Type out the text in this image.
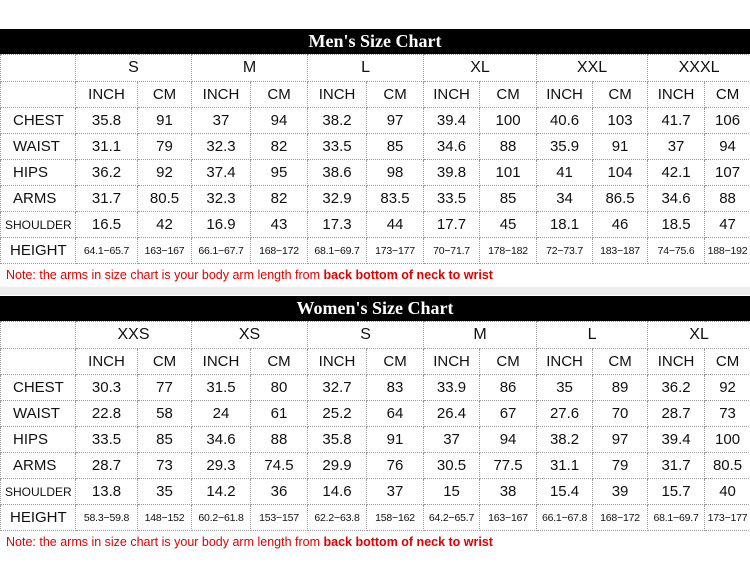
Men's Size Chart
	S		M		L		XL		XXL		XXXL	
	INCH	CM	INCH	CM	INCH	CM	INCH	CM	INCH	CM	INCH	CM
CHEST	35.8	91	37	94	38.2	97	39.4	100	40.6	103	41.7	106
WAIST	31.1	79	32.3	82	33.5	85	34.6	88	35.9	91	37	94
HIPS	36.2	92	37.4	95	38.6	98	39.8	101	41	104	42.1	107
ARMS	31.7	80.5	32.3	82	32.9	83.5	33.5	85	34	86.5	34.6	88
SHOULDER	16.5	42	16.9	43	17.3	44	17.7	45	18.1	46	18.5	47
HEIGHT	64.1−65.7	163−167	66.1−67.7	168−172	68.1−69.7	173−177	70−71.7	178−182	72−73.7	183−187	74−75.6	188−192
Note: the arms in size chart is your body arm length from back bottom of neck to wrist
Women's Size Chart
	XXS		XS		S		M		L		XL	
	INCH	CM	INCH	CM	INCH	CM	INCH	CM	INCH	CM	INCH	CM
CHEST	30.3	77	31.5	80	32.7	83	33.9	86	35	89	36.2	92
WAIST	22.8	58	24	61	25.2	64	26.4	67	27.6	70	28.7	73
HIPS	33.5	85	34.6	88	35.8	91	37	94	38.2	97	39.4	100
ARMS	28.7	73	29.3	74.5	29.9	76	30.5	77.5	31.1	79	31.7	80.5
SHOULDER	13.8	35	14.2	36	14.6	37	15	38	15.4	39	15.7	40
HEIGHT	58.3−59.8	148−152	60.2−61.8	153−157	62.2−63.8	158−162	64.2−65.7	163−167	66.1−67.8	168−172	68.1−69.7	173−177
Note: the arms in size chart is your body arm length from back bottom of neck to wrist
